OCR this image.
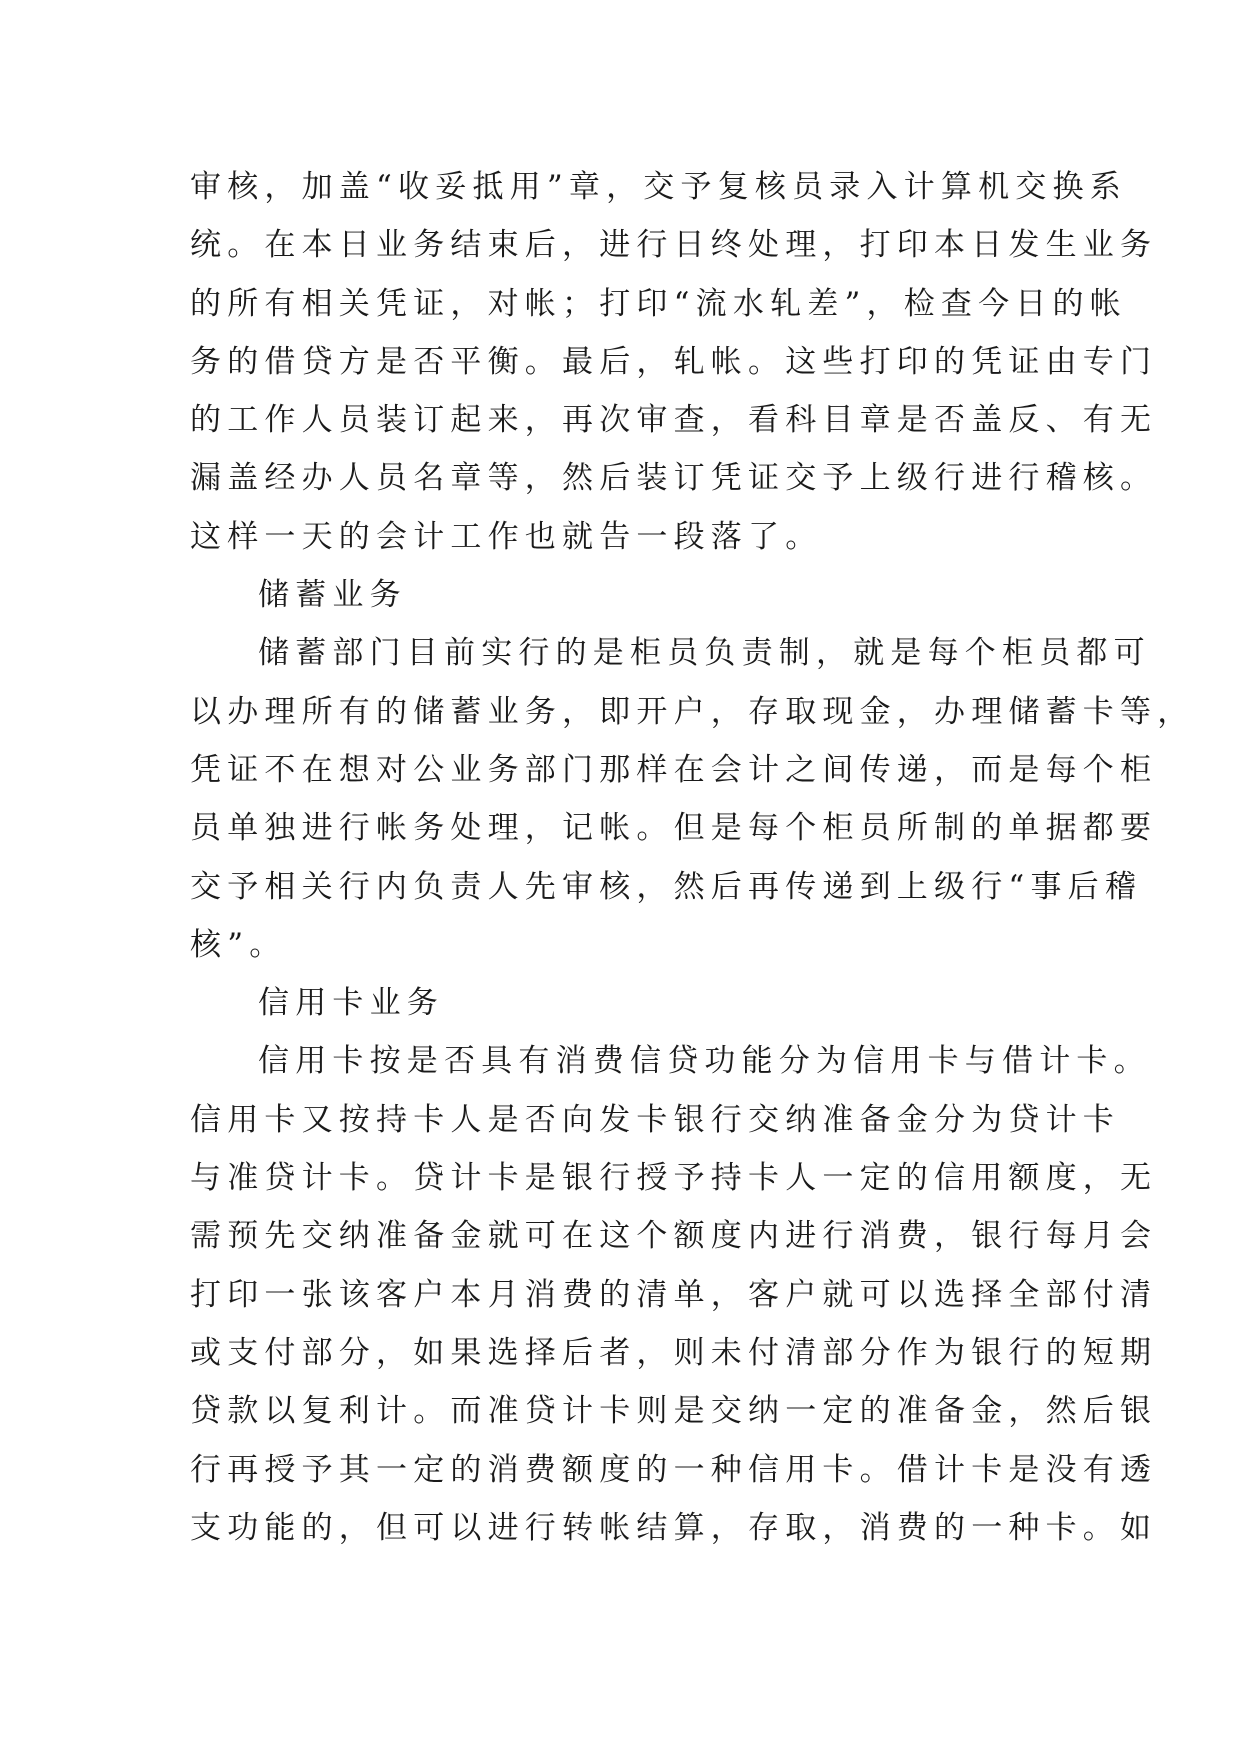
审核，加盖“收妥抵用”章，交予复核员录入计算机交换系
统。在本日业务结束后，进行日终处理，打印本日发生业务
的所有相关凭证，对帐；打印“流水轧差”，检查今日的帐
务的借贷方是否平衡。最后，轧帐。这些打印的凭证由专门
的工作人员装订起来，再次审查，看科目章是否盖反、有无
漏盖经办人员名章等，然后装订凭证交予上级行进行稽核。
这样一天的会计工作也就告一段落了。
储蓄业务
储蓄部门目前实行的是柜员负责制，就是每个柜员都可
以办理所有的储蓄业务，即开户，存取现金，办理储蓄卡等，
凭证不在想对公业务部门那样在会计之间传递，而是每个柜
员单独进行帐务处理，记帐。但是每个柜员所制的单据都要
交予相关行内负责人先审核，然后再传递到上级行“事后稽
核”。
信用卡业务
信用卡按是否具有消费信贷功能分为信用卡与借计卡。
信用卡又按持卡人是否向发卡银行交纳准备金分为贷计卡
与准贷计卡。贷计卡是银行授予持卡人一定的信用额度，无
需预先交纳准备金就可在这个额度内进行消费，银行每月会
打印一张该客户本月消费的清单，客户就可以选择全部付清
或支付部分，如果选择后者，则未付清部分作为银行的短期
贷款以复利计。而准贷计卡则是交纳一定的准备金，然后银
行再授予其一定的消费额度的一种信用卡。借计卡是没有透
支功能的，但可以进行转帐结算，存取，消费的一种卡。如
